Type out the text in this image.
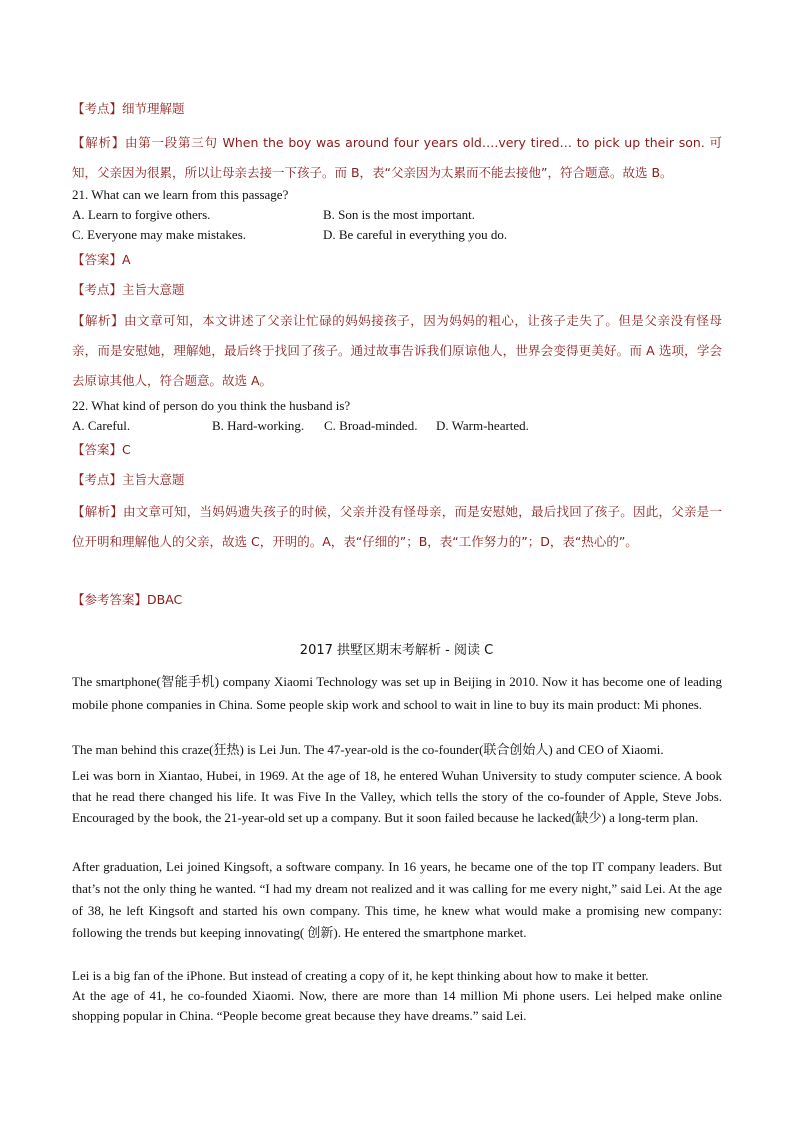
【考点】细节理解题

【解析】由第一段第三句 When the boy was around four years old….very tired… to pick up their son. 可知，父亲因为很累，所以让母亲去接一下孩子。而 B，表“父亲因为太累而不能去接他”，符合题意。故选 B。

21. What can we learn from this passage?

A. Learn to forgive others.	B. Son is the most important.
C. Everyone may make mistakes.	D. Be careful in everything you do.

【答案】A

【考点】主旨大意题

【解析】由文章可知，本文讲述了父亲让忙碌的妈妈接孩子，因为妈妈的粗心，让孩子走失了。但是父亲没有怪母亲，而是安慰她，理解她，最后终于找回了孩子。通过故事告诉我们原谅他人，世界会变得更美好。而 A 选项，学会去原谅其他人，符合题意。故选 A。

22. What kind of person do you think the husband is?

A. Careful.	B. Hard-working. C. Broad-minded. D. Warm-hearted.

【答案】C

【考点】主旨大意题

【解析】由文章可知，当妈妈遗失孩子的时候，父亲并没有怪母亲，而是安慰她，最后找回了孩子。因此，父亲是一位开明和理解他人的父亲，故选 C，开明的。A，表“仔细的”；B，表“工作努力的”；D，表“热心的”。

【参考答案】DBAC

2017 拱墅区期末考解析 - 阅读 C

The smartphone(智能手机) company Xiaomi Technology was set up in Beijing in 2010. Now it has become one of leading mobile phone companies in China. Some people skip work and school to wait in line to buy its main product: Mi phones.

The man behind this craze(狂热) is Lei Jun. The 47-year-old is the co-founder(联合创始人) and CEO of Xiaomi.

Lei was born in Xiantao, Hubei, in 1969. At the age of 18, he entered Wuhan University to study computer science. A book that he read there changed his life. It was Five In the Valley, which tells the story of the co-founder of Apple, Steve Jobs. Encouraged by the book, the 21-year-old set up a company. But it soon failed because he lacked(缺少) a long-term plan.

After graduation, Lei joined Kingsoft, a software company. In 16 years, he became one of the top IT company leaders. But that’s not the only thing he wanted. “I had my dream not realized and it was calling for me every night,” said Lei. At the age of 38, he left Kingsoft and started his own company. This time, he knew what would make a promising new company: following the trends but keeping innovating( 创新). He entered the smartphone market.

Lei is a big fan of the iPhone. But instead of creating a copy of it, he kept thinking about how to make it better.

At the age of 41, he co-founded Xiaomi. Now, there are more than 14 million Mi phone users. Lei helped make online shopping popular in China. “People become great because they have dreams.” said Lei.
